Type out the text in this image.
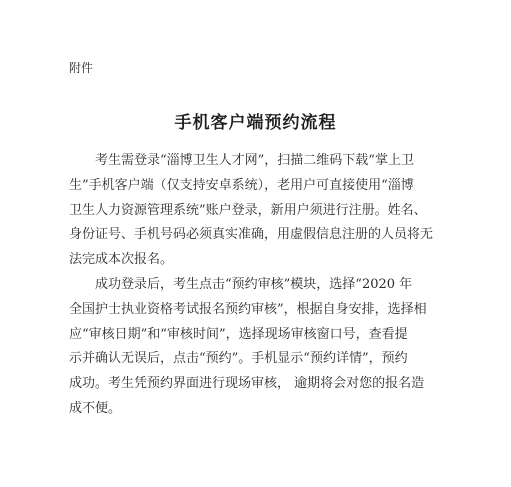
附件
手机客户端预约流程
考生需登录“淄博卫生人才网”，扫描二维码下载“掌上卫
生”手机客户端（仅支持安卓系统），老用户可直接使用“淄博
卫生人力资源管理系统”账户登录，新用户须进行注册。姓名、
身份证号、手机号码必须真实准确，用虚假信息注册的人员将无
法完成本次报名。
成功登录后，考生点击“预约审核”模块，选择“2020 年
全国护士执业资格考试报名预约审核”，根据自身安排，选择相
应“审核日期”和“审核时间”，选择现场审核窗口号，查看提
示并确认无误后，点击“预约”。手机显示“预约详情”，预约
成功。考生凭预约界面进行现场审核， 逾期将会对您的报名造
成不便。
